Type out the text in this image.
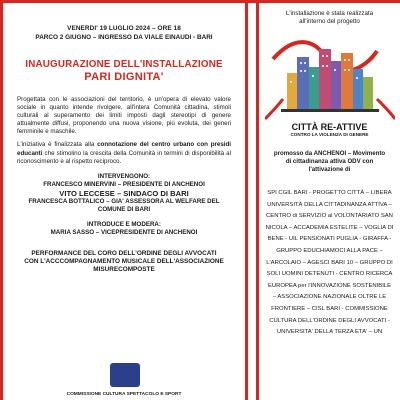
VENERDI' 19 LUGLIO 2024 – ORE 18
PARCO 2 GIUGNO – INGRESSO DA VIALE EINAUDI - BARI
INAUGURAZIONE DELL'INSTALLAZIONE
PARI DIGNITA'
Progettata con le associazioni del territorio, è un'opera di elevato valore sociale in quanto intende rivolgere, all'intera Comunità cittadina, stimoli culturali al superamento dei limiti imposti dagli stereotipi di genere attualmente diffusi, proponendo una nuova visione, più evoluta, dei generi femminile e maschile.
L'iniziativa è finalizzata alla connotazione del centro urbano con presidi educanti che stimolino la crescita della Comunità in termini di disponibilità al riconoscimento e al rispetto reciproco.
INTERVENGONO:
FRANCESCO MINERVINI – PRESIDENTE DI ANCHENOI
VITO LECCESE – SINDACO DI BARI
FRANCESCA BOTTALICO – GIA' ASSESSORA AL WELFARE DEL
COMUNE DI BARI
INTRODUCE E MODERA:
MARIA SASSO – VICEPRESIDENTE DI ANCHENOI
PERFORMANCE DEL CORO DELL'ORDINE DEGLI AVVOCATI
CON L'ACCCOMPAGNAMENTO MUSICALE DELL'ASSOCIAZIONE
MISURECOMPOSTE
COMMISSIONE CULTURA SPETTACOLO E SPORT
L'installazione è stata realizzata
all'interno del progetto
CITTÀ RE-ATTIVE
CONTRO LA VIOLENZA DI GENERE
promosso da ANCHENOI – Movimento
di cittadinanza attiva ODV con
l'attivazione di
SPI CGIL BARI - PROGETTO CITTÀ – LIBERA
UNIVERSITÀ DELLA CITTADINANZA ATTIVA –
CENTRO di SERVIZIO al VOLONTARIATO SAN
NICOLA – ACCADEMIA ESTELITE – VOGLIA DI
BENE - UIL PENSIONATI PUGLIA - GIRAFFA -
GRUPPO EDUCHIAMOCI ALLA PACE –
L'ARCOLAIO – AGESCI BARI 10 – GRUPPO DI
SOLI UOMINI DETENUTI - CENTRO RICERCA
EUROPEA per l'INNOVAZIONE SOSTENIBILE
– ASSOCIAZIONE NAZIONALE OLTRE LE
FRONTIERE – CISL BARI - COMMISSIONE
CULTURA DELL'ORDINE DEGLI AVVOCATI -
UNIVERSITA' DELLA TERZA ETA' – UN
